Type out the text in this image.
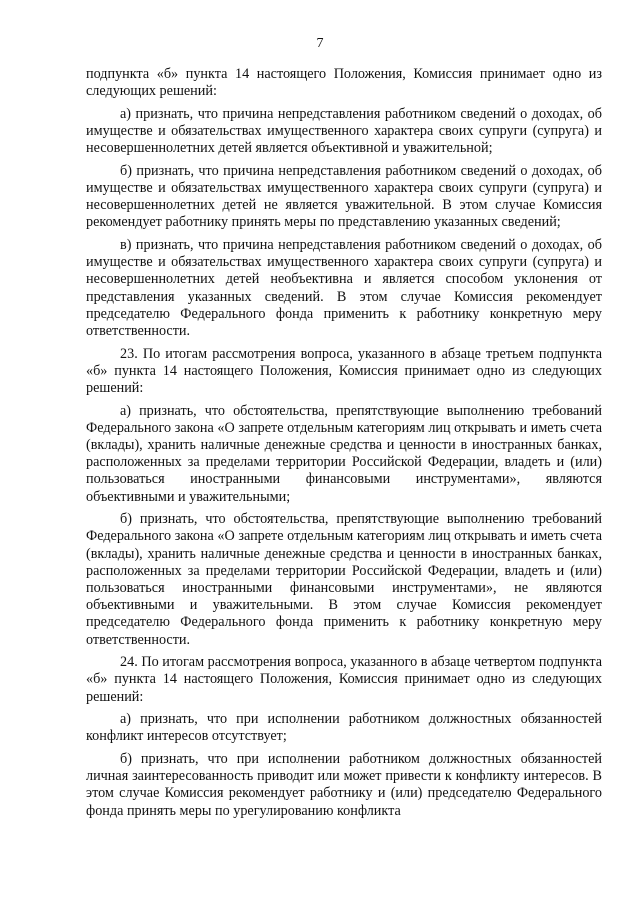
7

подпункта «б» пункта 14 настоящего Положения, Комиссия принимает одно из следующих решений:

а) признать, что причина непредставления работником сведений о доходах, об имуществе и обязательствах имущественного характера своих супруги (супруга) и несовершеннолетних детей является объективной и уважительной;

б) признать, что причина непредставления работником сведений о доходах, об имуществе и обязательствах имущественного характера своих супруги (супруга) и несовершеннолетних детей не является уважительной. В этом случае Комиссия рекомендует работнику принять меры по представлению указанных сведений;

в) признать, что причина непредставления работником сведений о доходах, об имуществе и обязательствах имущественного характера своих супруги (супруга) и несовершеннолетних детей необъективна и является способом уклонения от представления указанных сведений. В этом случае Комиссия рекомендует председателю Федерального фонда применить к работнику конкретную меру ответственности.

23. По итогам рассмотрения вопроса, указанного в абзаце третьем подпункта «б» пункта 14 настоящего Положения, Комиссия принимает одно из следующих решений:

а) признать, что обстоятельства, препятствующие выполнению требований Федерального закона «О запрете отдельным категориям лиц открывать и иметь счета (вклады), хранить наличные денежные средства и ценности в иностранных банках, расположенных за пределами территории Российской Федерации, владеть и (или) пользоваться иностранными финансовыми инструментами», являются объективными и уважительными;

б) признать, что обстоятельства, препятствующие выполнению требований Федерального закона «О запрете отдельным категориям лиц открывать и иметь счета (вклады), хранить наличные денежные средства и ценности в иностранных банках, расположенных за пределами территории Российской Федерации, владеть и (или) пользоваться иностранными финансовыми инструментами», не являются объективными и уважительными. В этом случае Комиссия рекомендует председателю Федерального фонда применить к работнику конкретную меру ответственности.

24. По итогам рассмотрения вопроса, указанного в абзаце четвертом подпункта «б» пункта 14 настоящего Положения, Комиссия принимает одно из следующих решений:

а) признать, что при исполнении работником должностных обязанностей конфликт интересов отсутствует;

б) признать, что при исполнении работником должностных обязанностей личная заинтересованность приводит или может привести к конфликту интересов. В этом случае Комиссия рекомендует работнику и (или) председателю Федерального фонда принять меры по урегулированию конфликта
